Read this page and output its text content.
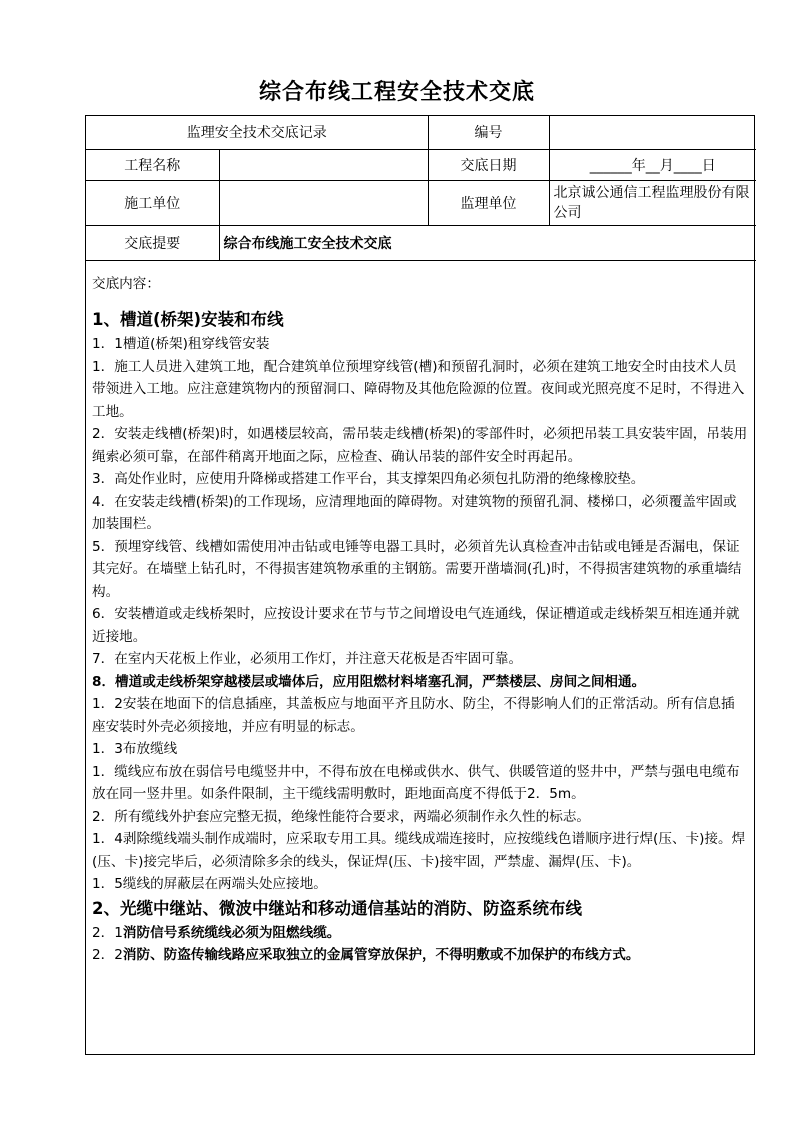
综合布线工程安全技术交底
监理安全技术交底记录		编号	
工程名称		交底日期	______年__月____日
施工单位		监理单位	北京诚公通信工程监理股份有限公司
交底提要	综合布线施工安全技术交底		

交底内容：

1、槽道(桥架)安装和布线

1．1槽道(桥架)租穿线管安装

1．施工人员进入建筑工地，配合建筑单位预埋穿线管(槽)和预留孔洞时，必须在建筑工地安全时由技术人员带领进入工地。应注意建筑物内的预留洞口、障碍物及其他危险源的位置。夜间或光照亮度不足时，不得进入工地。

2．安装走线槽(桥架)时，如遇楼层较高，需吊装走线槽(桥架)的零部件时，必须把吊装工具安装牢固，吊装用绳索必须可靠，在部件稍离开地面之际，应检查、确认吊装的部件安全时再起吊。

3．高处作业时，应使用升降梯或搭建工作平台，其支撑架四角必须包扎防滑的绝缘橡胶垫。

4．在安装走线槽(桥架)的工作现场，应清理地面的障碍物。对建筑物的预留孔洞、楼梯口，必须覆盖牢固或加装围栏。

5．预埋穿线管、线槽如需使用冲击钻或电锤等电器工具时，必须首先认真检查冲击钻或电锤是否漏电，保证其完好。在墙壁上钻孔时，不得损害建筑物承重的主钢筋。需要开凿墙洞(孔)时，不得损害建筑物的承重墙结构。

6．安装槽道或走线桥架时，应按设计要求在节与节之间增设电气连通线，保证槽道或走线桥架互相连通并就近接地。

7．在室内天花板上作业，必须用工作灯，并注意天花板是否牢固可靠。

8．槽道或走线桥架穿越楼层或墙体后，应用阻燃材料堵塞孔洞，严禁楼层、房间之间相通。

1．2安装在地面下的信息插座，其盖板应与地面平齐且防水、防尘，不得影响人们的正常活动。所有信息插座安装时外壳必须接地，并应有明显的标志。

1．3布放缆线

1．缆线应布放在弱信号电缆竖井中，不得布放在电梯或供水、供气、供暖管道的竖井中，严禁与强电电缆布放在同一竖井里。如条件限制，主干缆线需明敷时，距地面高度不得低于2．5m。

2．所有缆线外护套应完整无损，绝缘性能符合要求，两端必须制作永久性的标志。

1．4剥除缆线端头制作成端时，应采取专用工具。缆线成端连接时，应按缆线色谱顺序进行焊(压、卡)接。焊(压、卡)接完毕后，必须清除多余的线头，保证焊(压、卡)接牢固，严禁虚、漏焊(压、卡)。

1．5缆线的屏蔽层在两端头处应接地。

2、光缆中继站、微波中继站和移动通信基站的消防、防盗系统布线

2．1消防信号系统缆线必须为阻燃线缆。

2．2消防、防盗传输线路应采取独立的金属管穿放保护，不得明敷或不加保护的布线方式。
